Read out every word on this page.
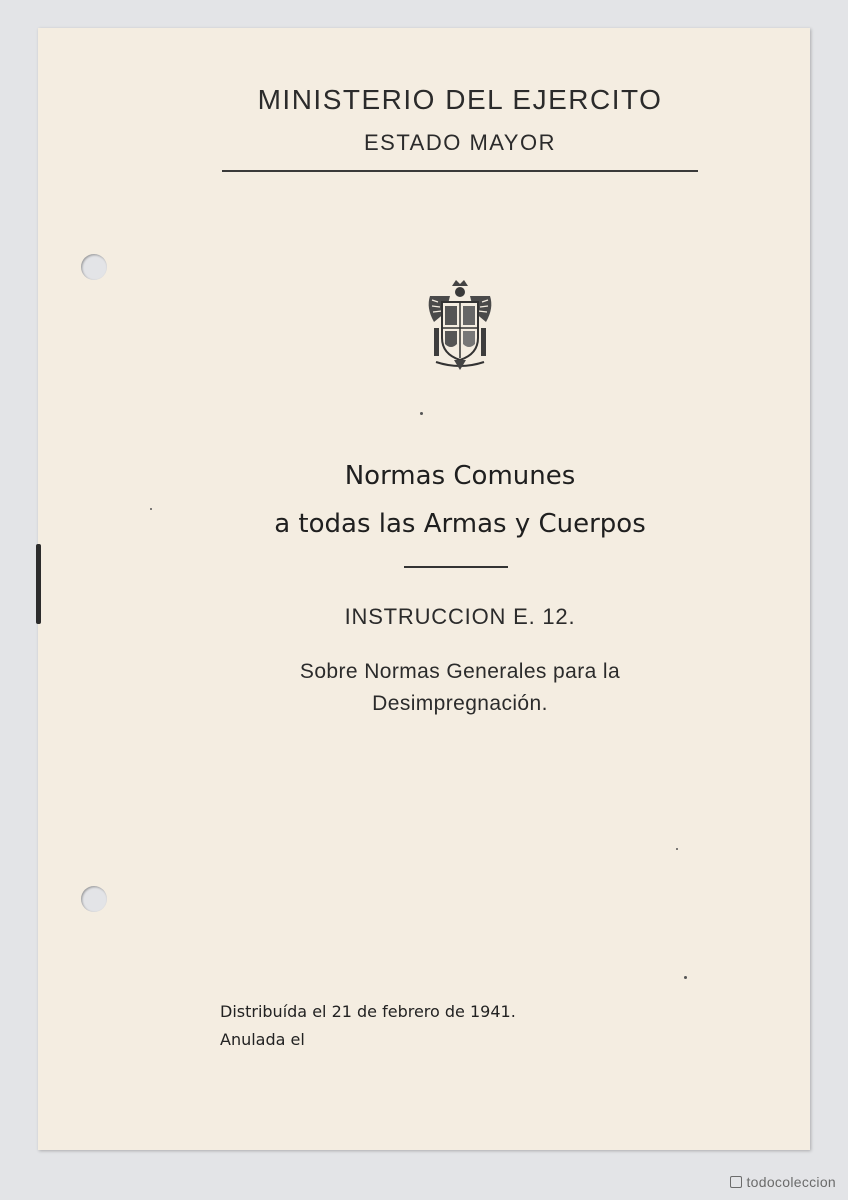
MINISTERIO DEL EJERCITO
ESTADO MAYOR
Normas Comunes
a todas las Armas y Cuerpos
INSTRUCCION E. 12.
Sobre Normas Generales para la
Desimpregnación.
Distribuída el 21 de febrero de 1941.
Anulada el
todocoleccion
